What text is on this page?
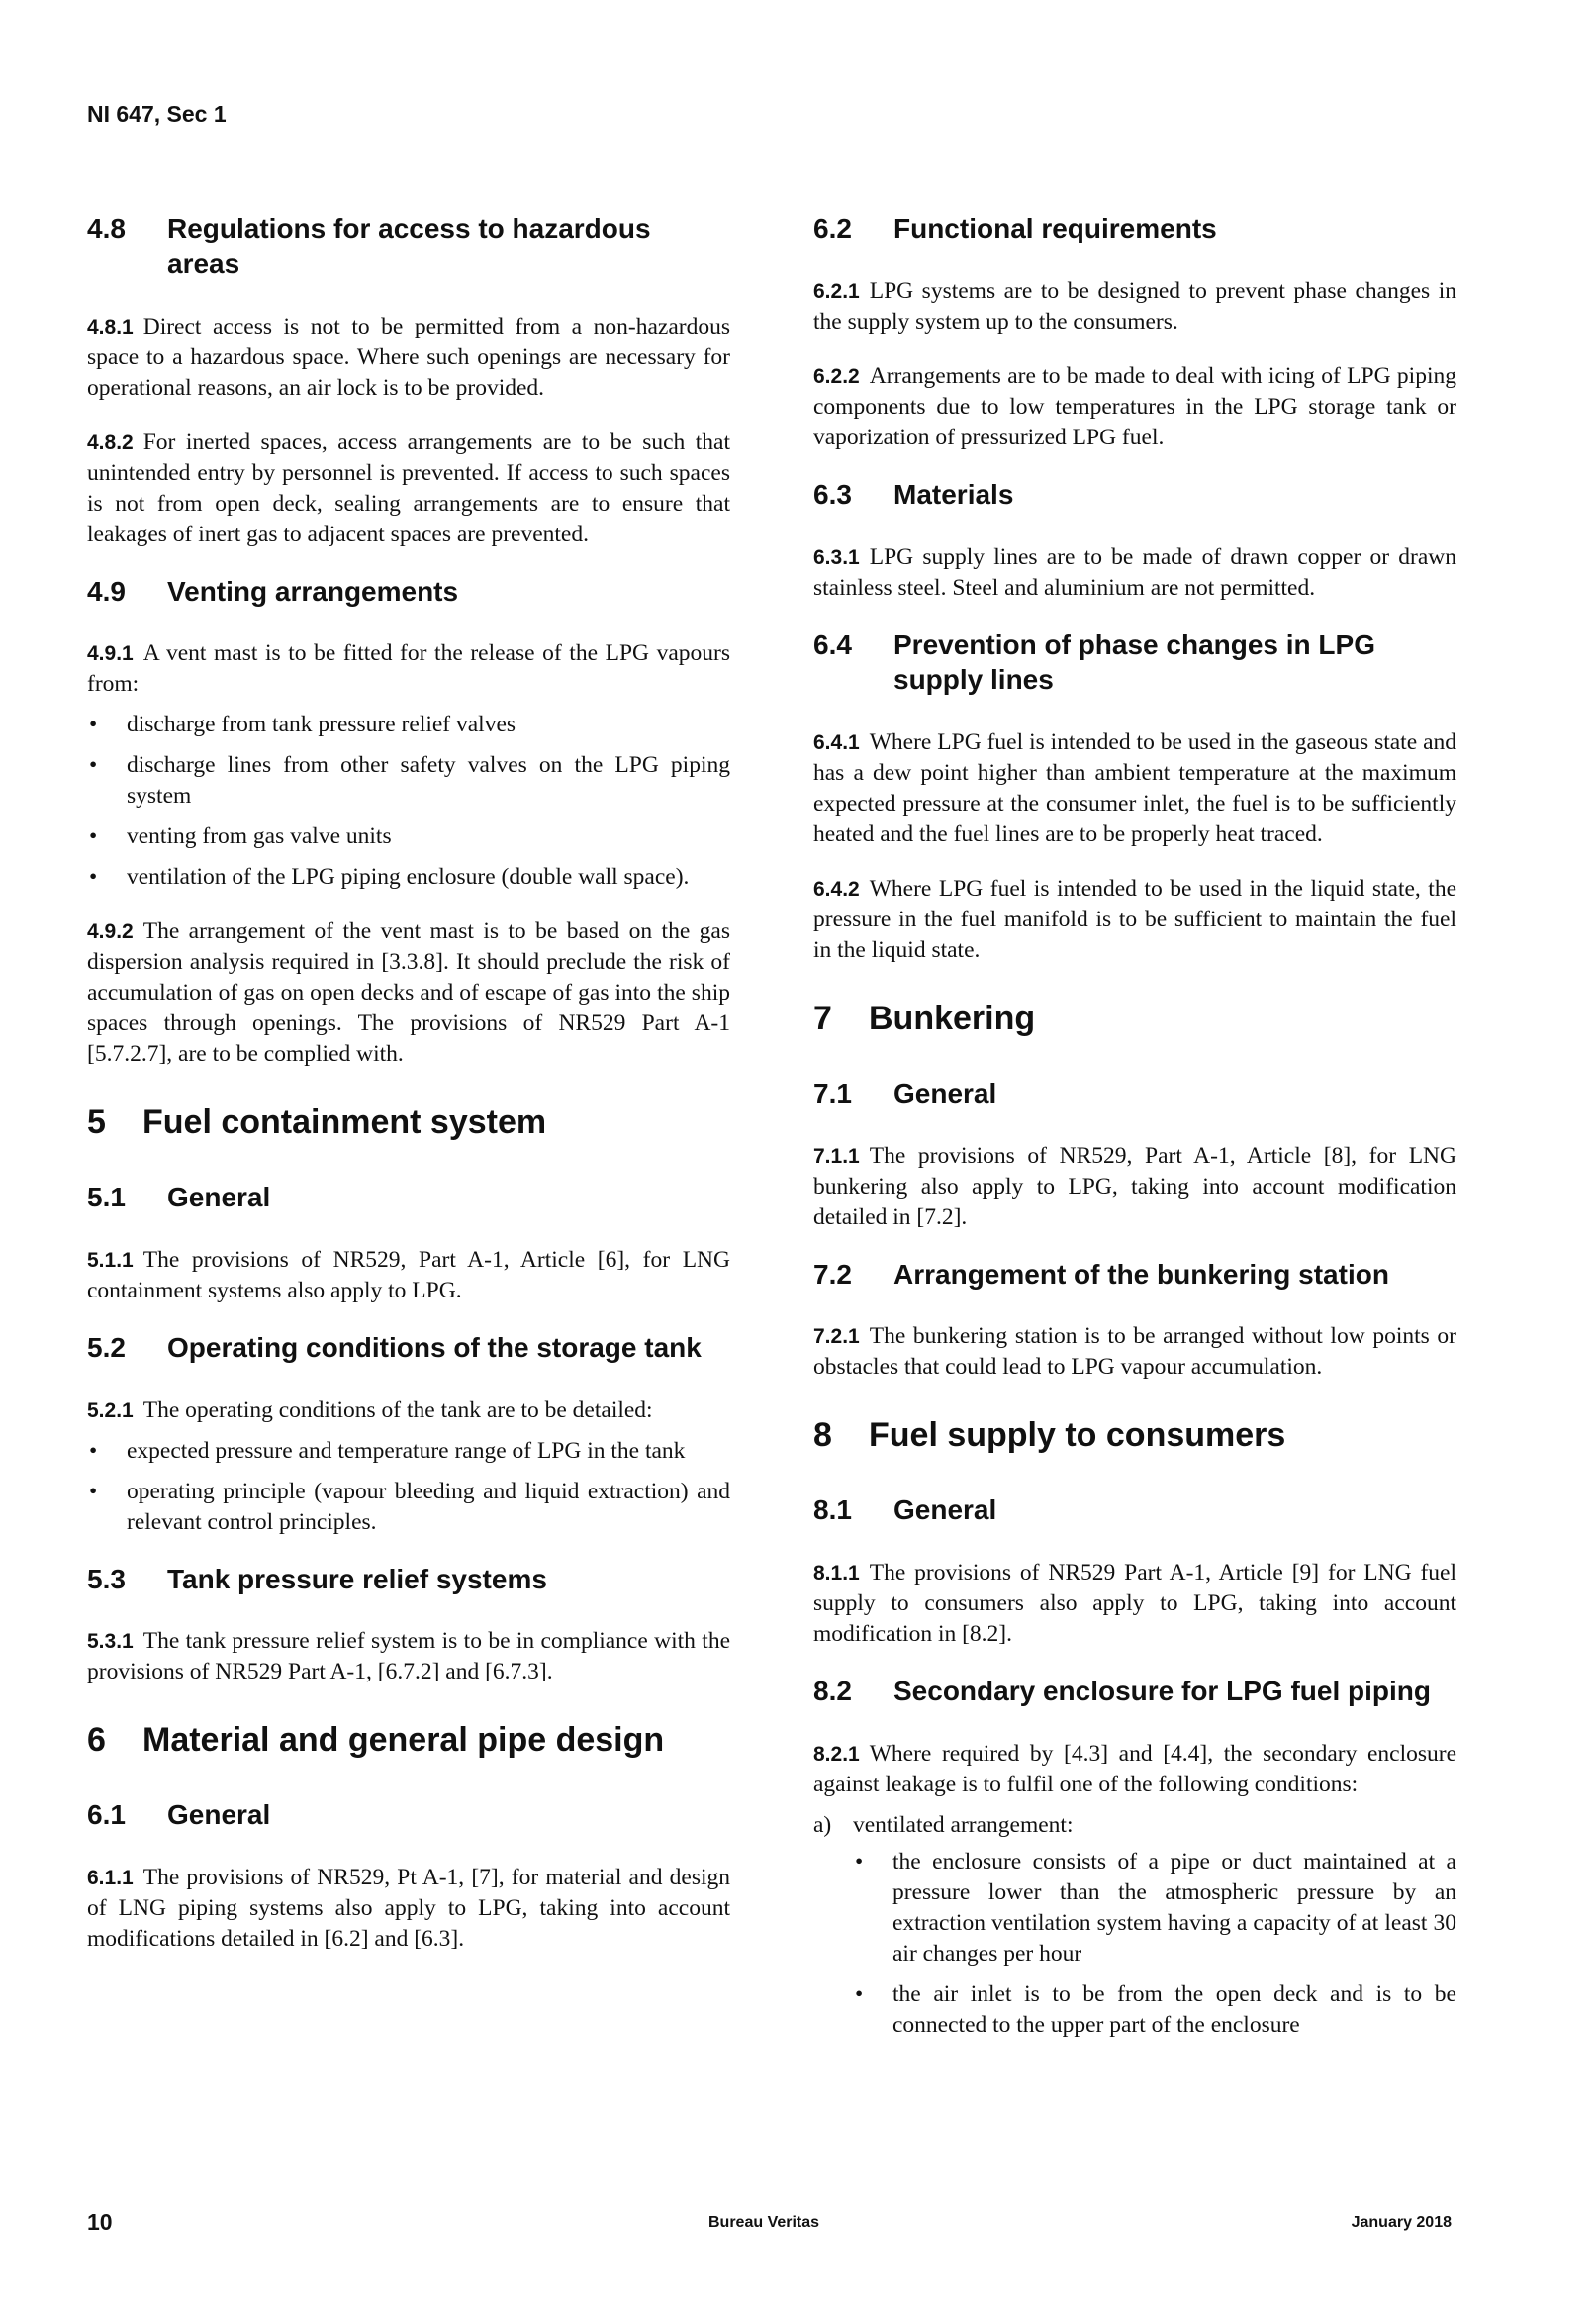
NI 647, Sec 1
4.8	Regulations for access to hazardous areas

4.8.1 Direct access is not to be permitted from a non-hazardous space to a hazardous space. Where such openings are necessary for operational reasons, an air lock is to be provided.

4.8.2 For inerted spaces, access arrangements are to be such that unintended entry by personnel is prevented. If access to such spaces is not from open deck, sealing arrangements are to ensure that leakages of inert gas to adjacent spaces are prevented.

4.9	Venting arrangements

4.9.1 A vent mast is to be fitted for the release of the LPG vapours from:

• discharge from tank pressure relief valves
• discharge lines from other safety valves on the LPG piping system
• venting from gas valve units
• ventilation of the LPG piping enclosure (double wall space).

4.9.2 The arrangement of the vent mast is to be based on the gas dispersion analysis required in [3.3.8]. It should preclude the risk of accumulation of gas on open decks and of escape of gas into the ship spaces through openings. The provisions of NR529 Part A-1 [5.7.2.7], are to be complied with.

5	Fuel containment system
5.1	General

5.1.1 The provisions of NR529, Part A-1, Article [6], for LNG containment systems also apply to LPG.

5.2	Operating conditions of the storage tank

5.2.1 The operating conditions of the tank are to be detailed:

• expected pressure and temperature range of LPG in the tank
• operating principle (vapour bleeding and liquid extraction) and relevant control principles.
5.3	Tank pressure relief systems

5.3.1 The tank pressure relief system is to be in compliance with the provisions of NR529 Part A-1, [6.7.2] and [6.7.3].

6	Material and general pipe design
6.1	General

6.1.1 The provisions of NR529, Pt A-1, [7], for material and design of LNG piping systems also apply to LPG, taking into account modifications detailed in [6.2] and [6.3].

6.2	Functional requirements

6.2.1 LPG systems are to be designed to prevent phase changes in the supply system up to the consumers.

6.2.2 Arrangements are to be made to deal with icing of LPG piping components due to low temperatures in the LPG storage tank or vaporization of pressurized LPG fuel.

6.3	Materials

6.3.1 LPG supply lines are to be made of drawn copper or drawn stainless steel. Steel and aluminium are not permitted.

6.4	Prevention of phase changes in LPG supply lines

6.4.1 Where LPG fuel is intended to be used in the gaseous state and has a dew point higher than ambient temperature at the maximum expected pressure at the consumer inlet, the fuel is to be sufficiently heated and the fuel lines are to be properly heat traced.

6.4.2 Where LPG fuel is intended to be used in the liquid state, the pressure in the fuel manifold is to be sufficient to maintain the fuel in the liquid state.

7	Bunkering
7.1	General

7.1.1 The provisions of NR529, Part A-1, Article [8], for LNG bunkering also apply to LPG, taking into account modification detailed in [7.2].

7.2	Arrangement of the bunkering station

7.2.1 The bunkering station is to be arranged without low points or obstacles that could lead to LPG vapour accumulation.

8	Fuel supply to consumers
8.1	General

8.1.1 The provisions of NR529 Part A-1, Article [9] for LNG fuel supply to consumers also apply to LPG, taking into account modification in [8.2].

8.2	Secondary enclosure for LPG fuel piping

8.2.1 Where required by [4.3] and [4.4], the secondary enclosure against leakage is to fulfil one of the following conditions:

a) ventilated arrangement:
• the enclosure consists of a pipe or duct maintained at a pressure lower than the atmospheric pressure by an extraction ventilation system having a capacity of at least 30 air changes per hour
• the air inlet is to be from the open deck and is to be connected to the upper part of the enclosure
10	Bureau Veritas	January 2018
